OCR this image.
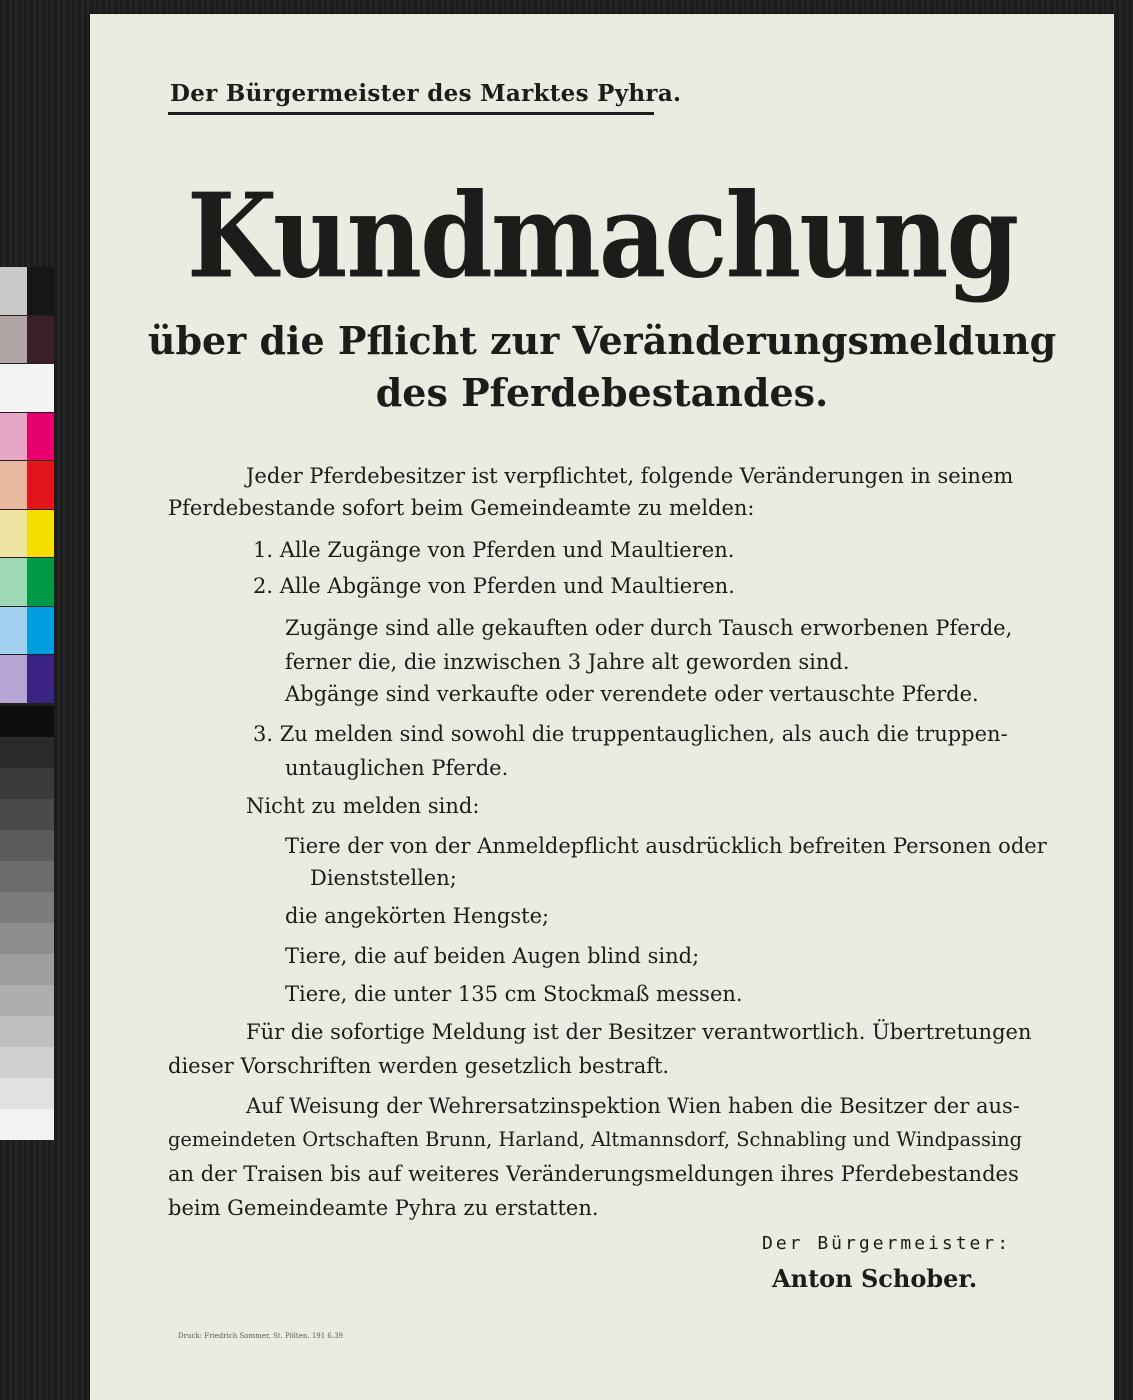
Der Bürgermeister des Marktes Pyhra.
Kundmachung
über die Pflicht zur Veränderungsmeldung
des Pferdebestandes.
Jeder Pferdebesitzer ist verpflichtet, folgende Veränderungen in seinem
Pferdebestande sofort beim Gemeindeamte zu melden:
1. Alle Zugänge von Pferden und Maultieren.
2. Alle Abgänge von Pferden und Maultieren.
Zugänge sind alle gekauften oder durch Tausch erworbenen Pferde,
ferner die, die inzwischen 3 Jahre alt geworden sind.
Abgänge sind verkaufte oder verendete oder vertauschte Pferde.
3. Zu melden sind sowohl die truppentauglichen, als auch die truppen-
untauglichen Pferde.
Nicht zu melden sind:
Tiere der von der Anmeldepflicht ausdrücklich befreiten Personen oder
Dienststellen;
die angekörten Hengste;
Tiere, die auf beiden Augen blind sind;
Tiere, die unter 135 cm Stockmaß messen.
Für die sofortige Meldung ist der Besitzer verantwortlich. Übertretungen
dieser Vorschriften werden gesetzlich bestraft.
Auf Weisung der Wehrersatzinspektion Wien haben die Besitzer der aus-
gemeindeten Ortschaften Brunn, Harland, Altmannsdorf, Schnabling und Windpassing
an der Traisen bis auf weiteres Veränderungsmeldungen ihres Pferdebestandes
beim Gemeindeamte Pyhra zu erstatten.
Der Bürgermeister:
Anton Schober.
Druck: Friedrich Sommer, St. Pölten. 191 6.39
